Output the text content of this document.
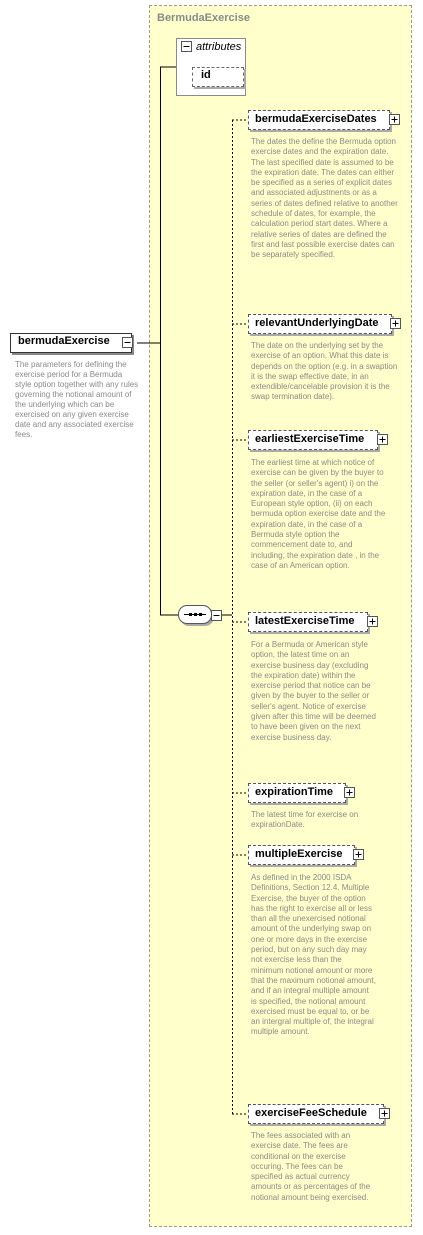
BermudaExercise
attributes
id
bermudaExercise
The parameters for defining the exercise period for a Bermuda style option together with any rules governing the notional amount of the underlying which can be exercised on any given exercise date and any associated exercise fees.
bermudaExerciseDates
The dates the define the Bermuda option exercise dates and the expiration date. The last specified date is assumed to be the expiration date. The dates can either be specified as a series of explicit dates and associated adjustments or as a series of dates defined relative to another schedule of dates, for example, the calculation period start dates. Where a relative series of dates are defined the first and last possible exercise dates can be separately specified.
relevantUnderlyingDate
The date on the underlying set by the exercise of an option. What this date is depends on the option (e.g. in a swaption it is the swap effective date, in an extendible/cancelable provision it is the swap termination date).
earliestExerciseTime
The earliest time at which notice of exercise can be given by the buyer to the seller (or seller's agent) i) on the expiration date, in the case of a European style option, (ii) on each bermuda option exercise date and the expiration date, in the case of a Bermuda style option the commencement date to, and including, the expiration date , in the case of an American option.
latestExerciseTime
For a Bermuda or American style option, the latest time on an exercise business day (excluding the expiration date) within the exercise period that notice can be given by the buyer to the seller or seller's agent. Notice of exercise given after this time will be deemed to have been given on the next exercise business day.
expirationTime
The latest time for exercise on expirationDate.
multipleExercise
As defined in the 2000 ISDA Definitions, Section 12.4. Multiple Exercise, the buyer of the option has the right to exercise all or less than all the unexercised notional amount of the underlying swap on one or more days in the exercise period, but on any such day may not exercise less than the minimum notional amount or more that the maximum notional amount, and if an integral multiple amount is specified, the notional amount exercised must be equal to, or be an intergral multiple of, the integral multiple amount.
exerciseFeeSchedule
The fees associated with an exercise date. The fees are conditional on the exercise occuring. The fees can be specified as actual currency amounts or as percentages of the notional amount being exercised.
